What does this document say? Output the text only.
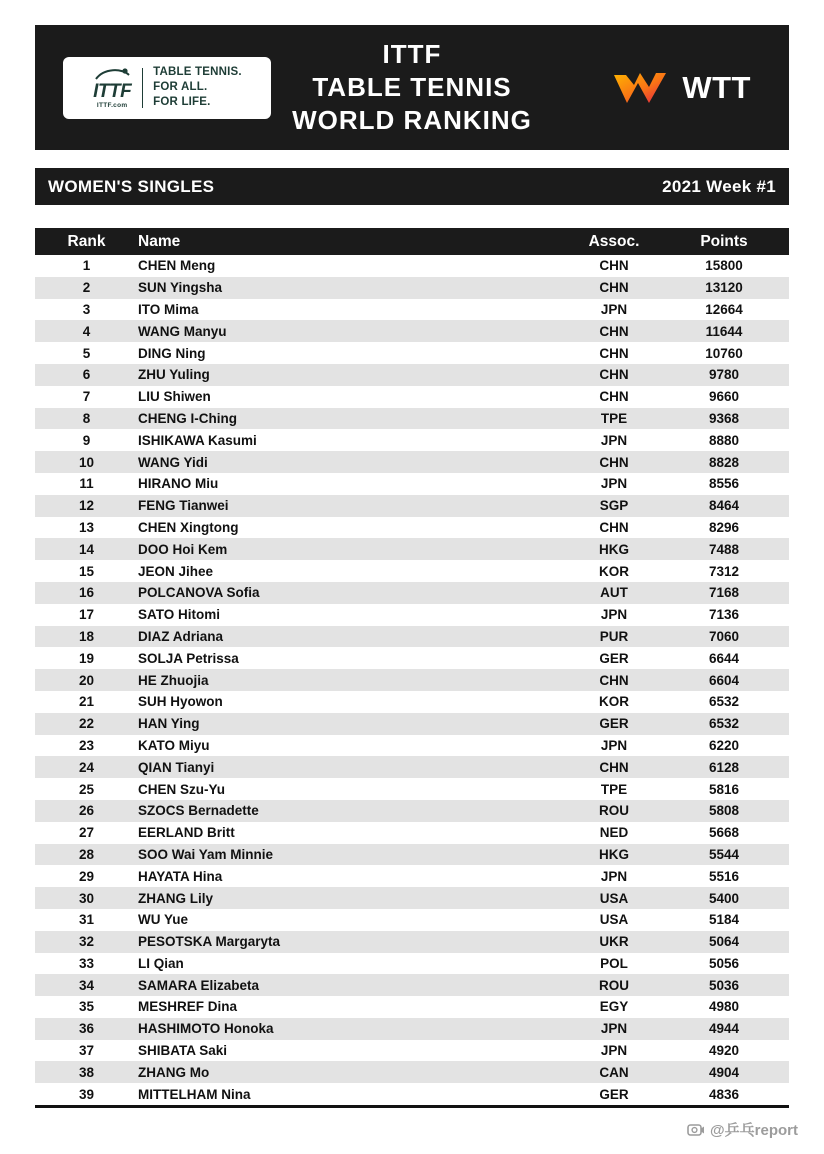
ITTF
ITTF.com
TABLE TENNIS.
FOR ALL.
FOR LIFE.
ITTF
TABLE TENNIS
WORLD RANKING
WTT
WOMEN'S SINGLES	2021 Week #1
Rank	Name	Assoc.	Points
1	CHEN Meng	CHN	15800
2	SUN Yingsha	CHN	13120
3	ITO Mima	JPN	12664
4	WANG Manyu	CHN	11644
5	DING Ning	CHN	10760
6	ZHU Yuling	CHN	9780
7	LIU Shiwen	CHN	9660
8	CHENG I-Ching	TPE	9368
9	ISHIKAWA Kasumi	JPN	8880
10	WANG Yidi	CHN	8828
11	HIRANO Miu	JPN	8556
12	FENG Tianwei	SGP	8464
13	CHEN Xingtong	CHN	8296
14	DOO Hoi Kem	HKG	7488
15	JEON Jihee	KOR	7312
16	POLCANOVA Sofia	AUT	7168
17	SATO Hitomi	JPN	7136
18	DIAZ Adriana	PUR	7060
19	SOLJA Petrissa	GER	6644
20	HE Zhuojia	CHN	6604
21	SUH Hyowon	KOR	6532
22	HAN Ying	GER	6532
23	KATO Miyu	JPN	6220
24	QIAN Tianyi	CHN	6128
25	CHEN Szu-Yu	TPE	5816
26	SZOCS Bernadette	ROU	5808
27	EERLAND Britt	NED	5668
28	SOO Wai Yam Minnie	HKG	5544
29	HAYATA Hina	JPN	5516
30	ZHANG Lily	USA	5400
31	WU Yue	USA	5184
32	PESOTSKA Margaryta	UKR	5064
33	LI Qian	POL	5056
34	SAMARA Elizabeta	ROU	5036
35	MESHREF Dina	EGY	4980
36	HASHIMOTO Honoka	JPN	4944
37	SHIBATA Saki	JPN	4920
38	ZHANG Mo	CAN	4904
39	MITTELHAM Nina	GER	4836
@乒乓report
